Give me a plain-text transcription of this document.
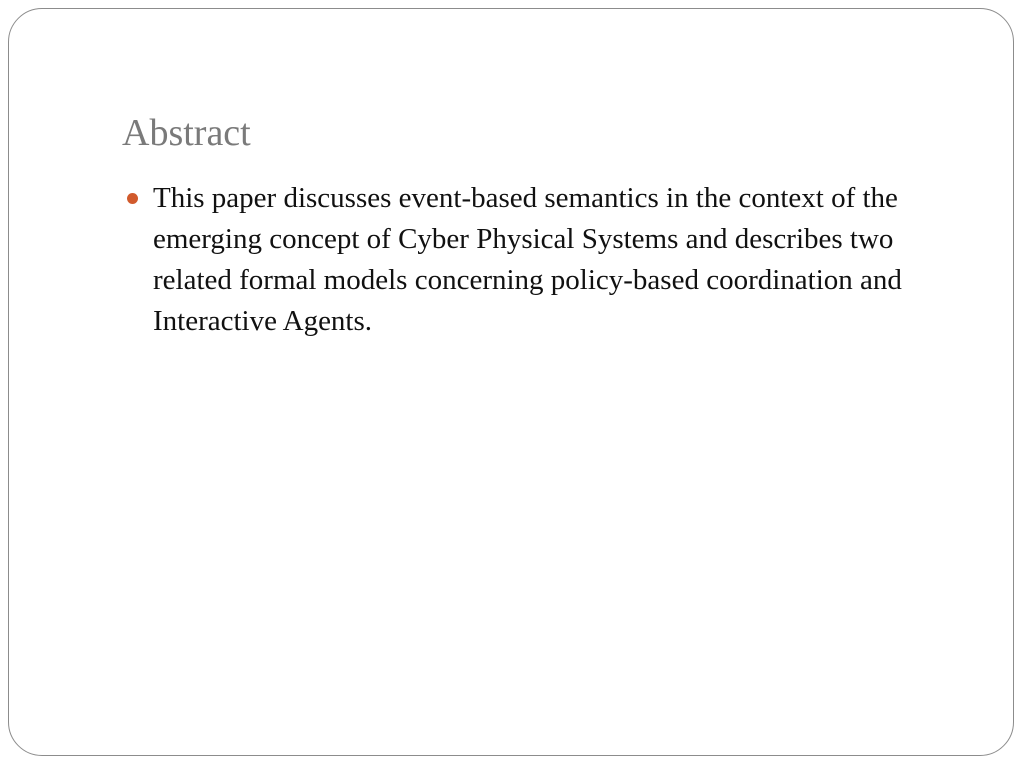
Abstract
This paper discusses event-based semantics in the context of the emerging concept of Cyber Physical Systems and describes two related formal models concerning policy-based coordination and Interactive Agents.
